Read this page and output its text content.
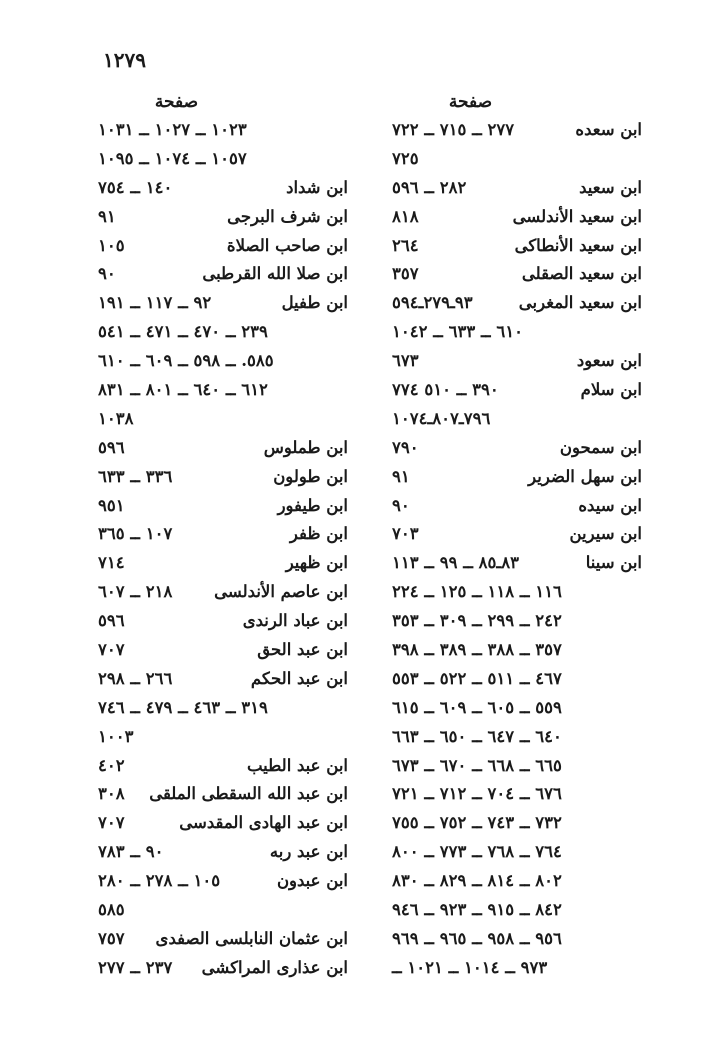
١٢٧٩
صفحة
ابن سعده
٢٧٧ ــ ٧١٥ ــ ٧٢٢
٧٢٥
ابن سعيد
٢٨٢ ــ ٥٩٦
ابن سعيد الأندلسى
٨١٨
ابن سعيد الأنطاكى
٢٦٤
ابن سعيد الصقلى
٣٥٧
ابن سعيد المغربى
٩٣ـ٢٧٩ـ٥٩٤
٦١٠ ــ ٦٣٣ ــ ١٠٤٢
ابن سعود
٦٧٣
ابن سلام
٣٩٠ ــ ٥١٠ ٧٧٤
٧٩٦ـ٨٠٧ـ١٠٧٤
ابن سمحون
٧٩٠
ابن سهل الضرير
٩١
ابن سيده
٩٠
ابن سيرين
٧٠٣
ابن سينا
٨٣ـ٨٥ ــ ٩٩ ــ ١١٣
١١٦ ــ ١١٨ ــ ١٢٥ ــ ٢٢٤
٢٤٢ ــ ٢٩٩ ــ ٣٠٩ ــ ٣٥٣
٣٥٧ ــ ٣٨٨ ــ ٣٨٩ ــ ٣٩٨
٤٦٧ ــ ٥١١ ــ ٥٢٢ ــ ٥٥٣
٥٥٩ ــ ٦٠٥ ــ ٦٠٩ ــ ٦١٥
٦٤٠ ــ ٦٤٧ ــ ٦٥٠ ــ ٦٦٣
٦٦٥ ــ ٦٦٨ ــ ٦٧٠ ــ ٦٧٣
٦٧٦ ــ ٧٠٤ ــ ٧١٢ ــ ٧٢١
٧٣٢ ــ ٧٤٣ ــ ٧٥٢ ــ ٧٥٥
٧٦٤ ــ ٧٦٨ ــ ٧٧٣ ــ ٨٠٠
٨٠٢ ــ ٨١٤ ــ ٨٢٩ ــ ٨٣٠
٨٤٢ ــ ٩١٥ ــ ٩٢٣ ــ ٩٤٦
٩٥٦ ــ ٩٥٨ ــ ٩٦٥ ــ ٩٦٩
٩٧٣ ــ ١٠١٤ ــ ١٠٢١ ــ
صفحة
١٠٢٣ ــ ١٠٢٧ ــ ١٠٣١
١٠٥٧ ــ ١٠٧٤ ــ ١٠٩٥
ابن شداد
١٤٠ ــ ٧٥٤
ابن شرف البرجى
٩١
ابن صاحب الصلاة
١٠٥
ابن صلا الله القرطبى
٩٠
ابن طفيل
٩٢ ــ ١١٧ ــ ١٩١
٢٣٩ ــ ٤٧٠ ــ ٤٧١ ــ ٥٤١
٥٨٥. ــ ٥٩٨ ــ ٦٠٩ ــ ٦١٠
٦١٢ ــ ٦٤٠ ــ ٨٠١ ــ ٨٣١
١٠٣٨
ابن طملوس
٥٩٦
ابن طولون
٣٣٦ ــ ٦٣٣
ابن طيفور
٩٥١
ابن ظفر
١٠٧ ــ ٣٦٥
ابن ظهير
٧١٤
ابن عاصم الأندلسى
٢١٨ ــ ٦٠٧
ابن عباد الرندى
٥٩٦
ابن عبد الحق
٧٠٧
ابن عبد الحكم
٢٦٦ ــ ٢٩٨
٣١٩ ــ ٤٦٣ ــ ٤٧٩ ــ ٧٤٦
١٠٠٣
ابن عبد الطيب
٤٠٢
ابن عبد الله السقطى الملقى
٣٠٨
ابن عبد الهادى المقدسى
٧٠٧
ابن عبد ربه
٩٠ ــ ٧٨٣
ابن عبدون
١٠٥ ــ ٢٧٨ ــ ٢٨٠
٥٨٥
ابن عثمان النابلسى الصفدى
٧٥٧
ابن عذارى المراكشى
٢٣٧ ــ ٢٧٧
